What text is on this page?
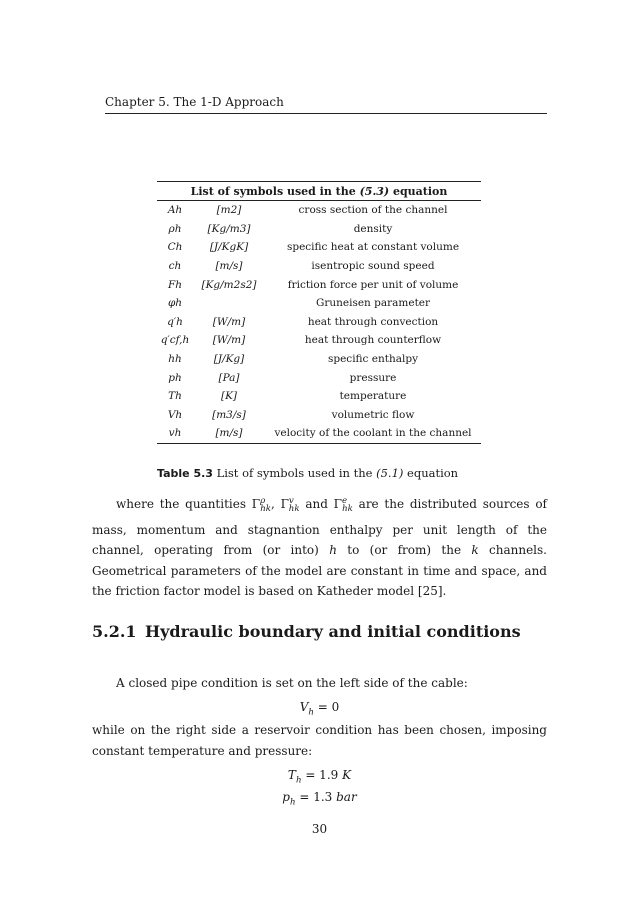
Chapter 5. The 1-D Approach
List of symbols used in the (5.3) equation		
Ah	[m2]	cross section of the channel
ρh	[Kg/m3]	density
Ch	[J/KgK]	specific heat at constant volume
ch	[m/s]	isentropic sound speed
Fh	[Kg/m2s2]	friction force per unit of volume
φh		Gruneisen parameter
q′h	[W/m]	heat through convection
q′cf,h	[W/m]	heat through counterflow
hh	[J/Kg]	specific enthalpy
ph	[Pa]	pressure
Th	[K]	temperature
Vh	[m3/s]	volumetric flow
vh	[m/s]	velocity of the coolant in the channel
Table 5.3 List of symbols used in the (5.1) equation
where the quantities $\Gamma^\rho_{hk}$, $\Gamma^v_{hk}$ and $\Gamma^e_{hk}$ are the distributed sources of mass, momentum and stagnantion enthalpy per unit length of the channel, operating from (or into) h to (or from) the k channels. Geometrical parameters of the model are constant in time and space, and the friction factor model is based on Katheder model [25].
5.2.1 Hydraulic boundary and initial conditions
A closed pipe condition is set on the left side of the cable:
$V_h = 0$
while on the right side a reservoir condition has been chosen, imposing constant temperature and pressure:
$T_h = 1.9$ K
$p_h = 1.3$ bar
30
